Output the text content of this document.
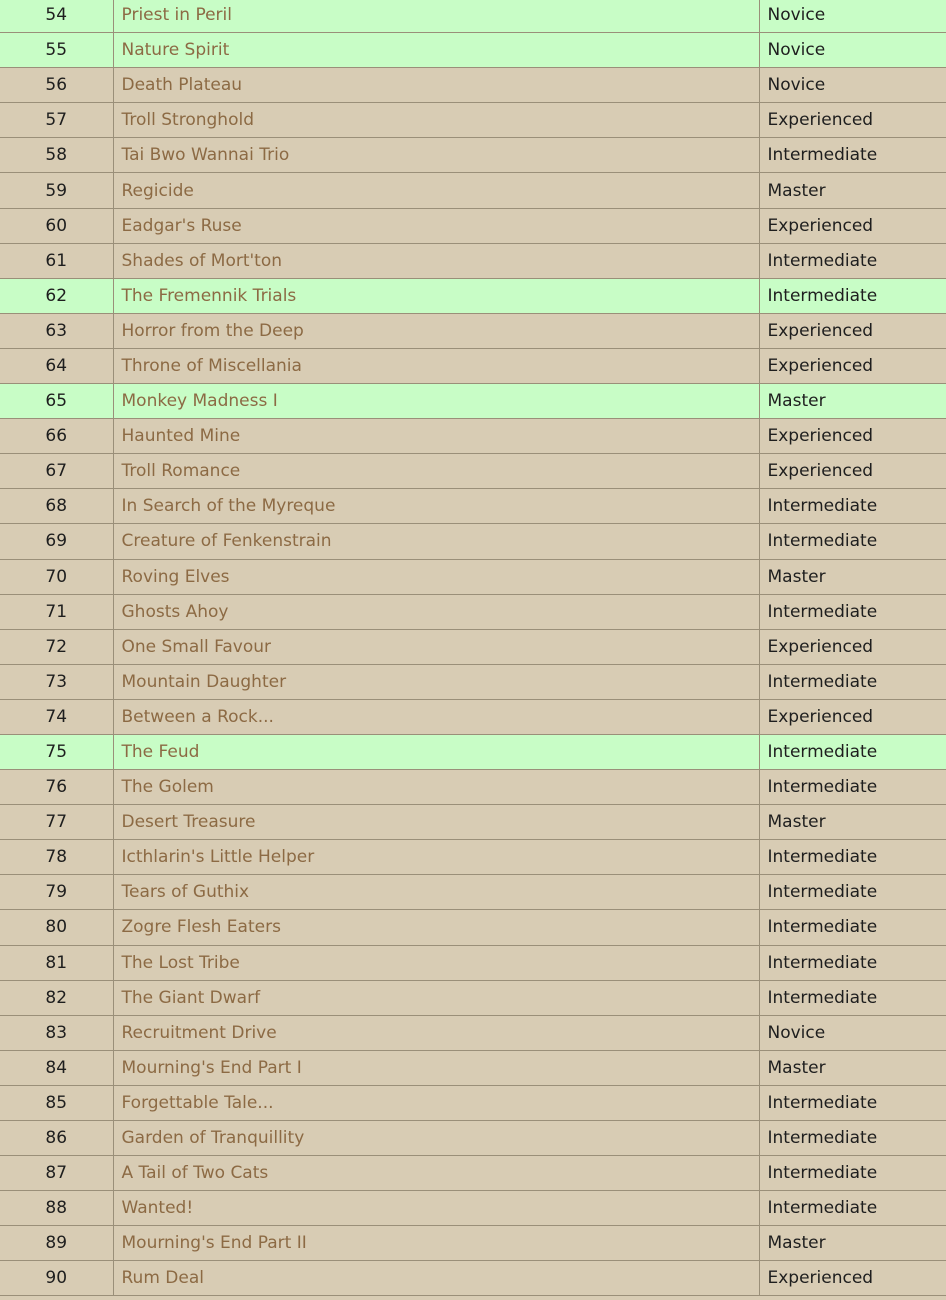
54	Priest in Peril	Novice
55	Nature Spirit	Novice
56	Death Plateau	Novice
57	Troll Stronghold	Experienced
58	Tai Bwo Wannai Trio	Intermediate
59	Regicide	Master
60	Eadgar's Ruse	Experienced
61	Shades of Mort'ton	Intermediate
62	The Fremennik Trials	Intermediate
63	Horror from the Deep	Experienced
64	Throne of Miscellania	Experienced
65	Monkey Madness I	Master
66	Haunted Mine	Experienced
67	Troll Romance	Experienced
68	In Search of the Myreque	Intermediate
69	Creature of Fenkenstrain	Intermediate
70	Roving Elves	Master
71	Ghosts Ahoy	Intermediate
72	One Small Favour	Experienced
73	Mountain Daughter	Intermediate
74	Between a Rock...	Experienced
75	The Feud	Intermediate
76	The Golem	Intermediate
77	Desert Treasure	Master
78	Icthlarin's Little Helper	Intermediate
79	Tears of Guthix	Intermediate
80	Zogre Flesh Eaters	Intermediate
81	The Lost Tribe	Intermediate
82	The Giant Dwarf	Intermediate
83	Recruitment Drive	Novice
84	Mourning's End Part I	Master
85	Forgettable Tale...	Intermediate
86	Garden of Tranquillity	Intermediate
87	A Tail of Two Cats	Intermediate
88	Wanted!	Intermediate
89	Mourning's End Part II	Master
90	Rum Deal	Experienced
